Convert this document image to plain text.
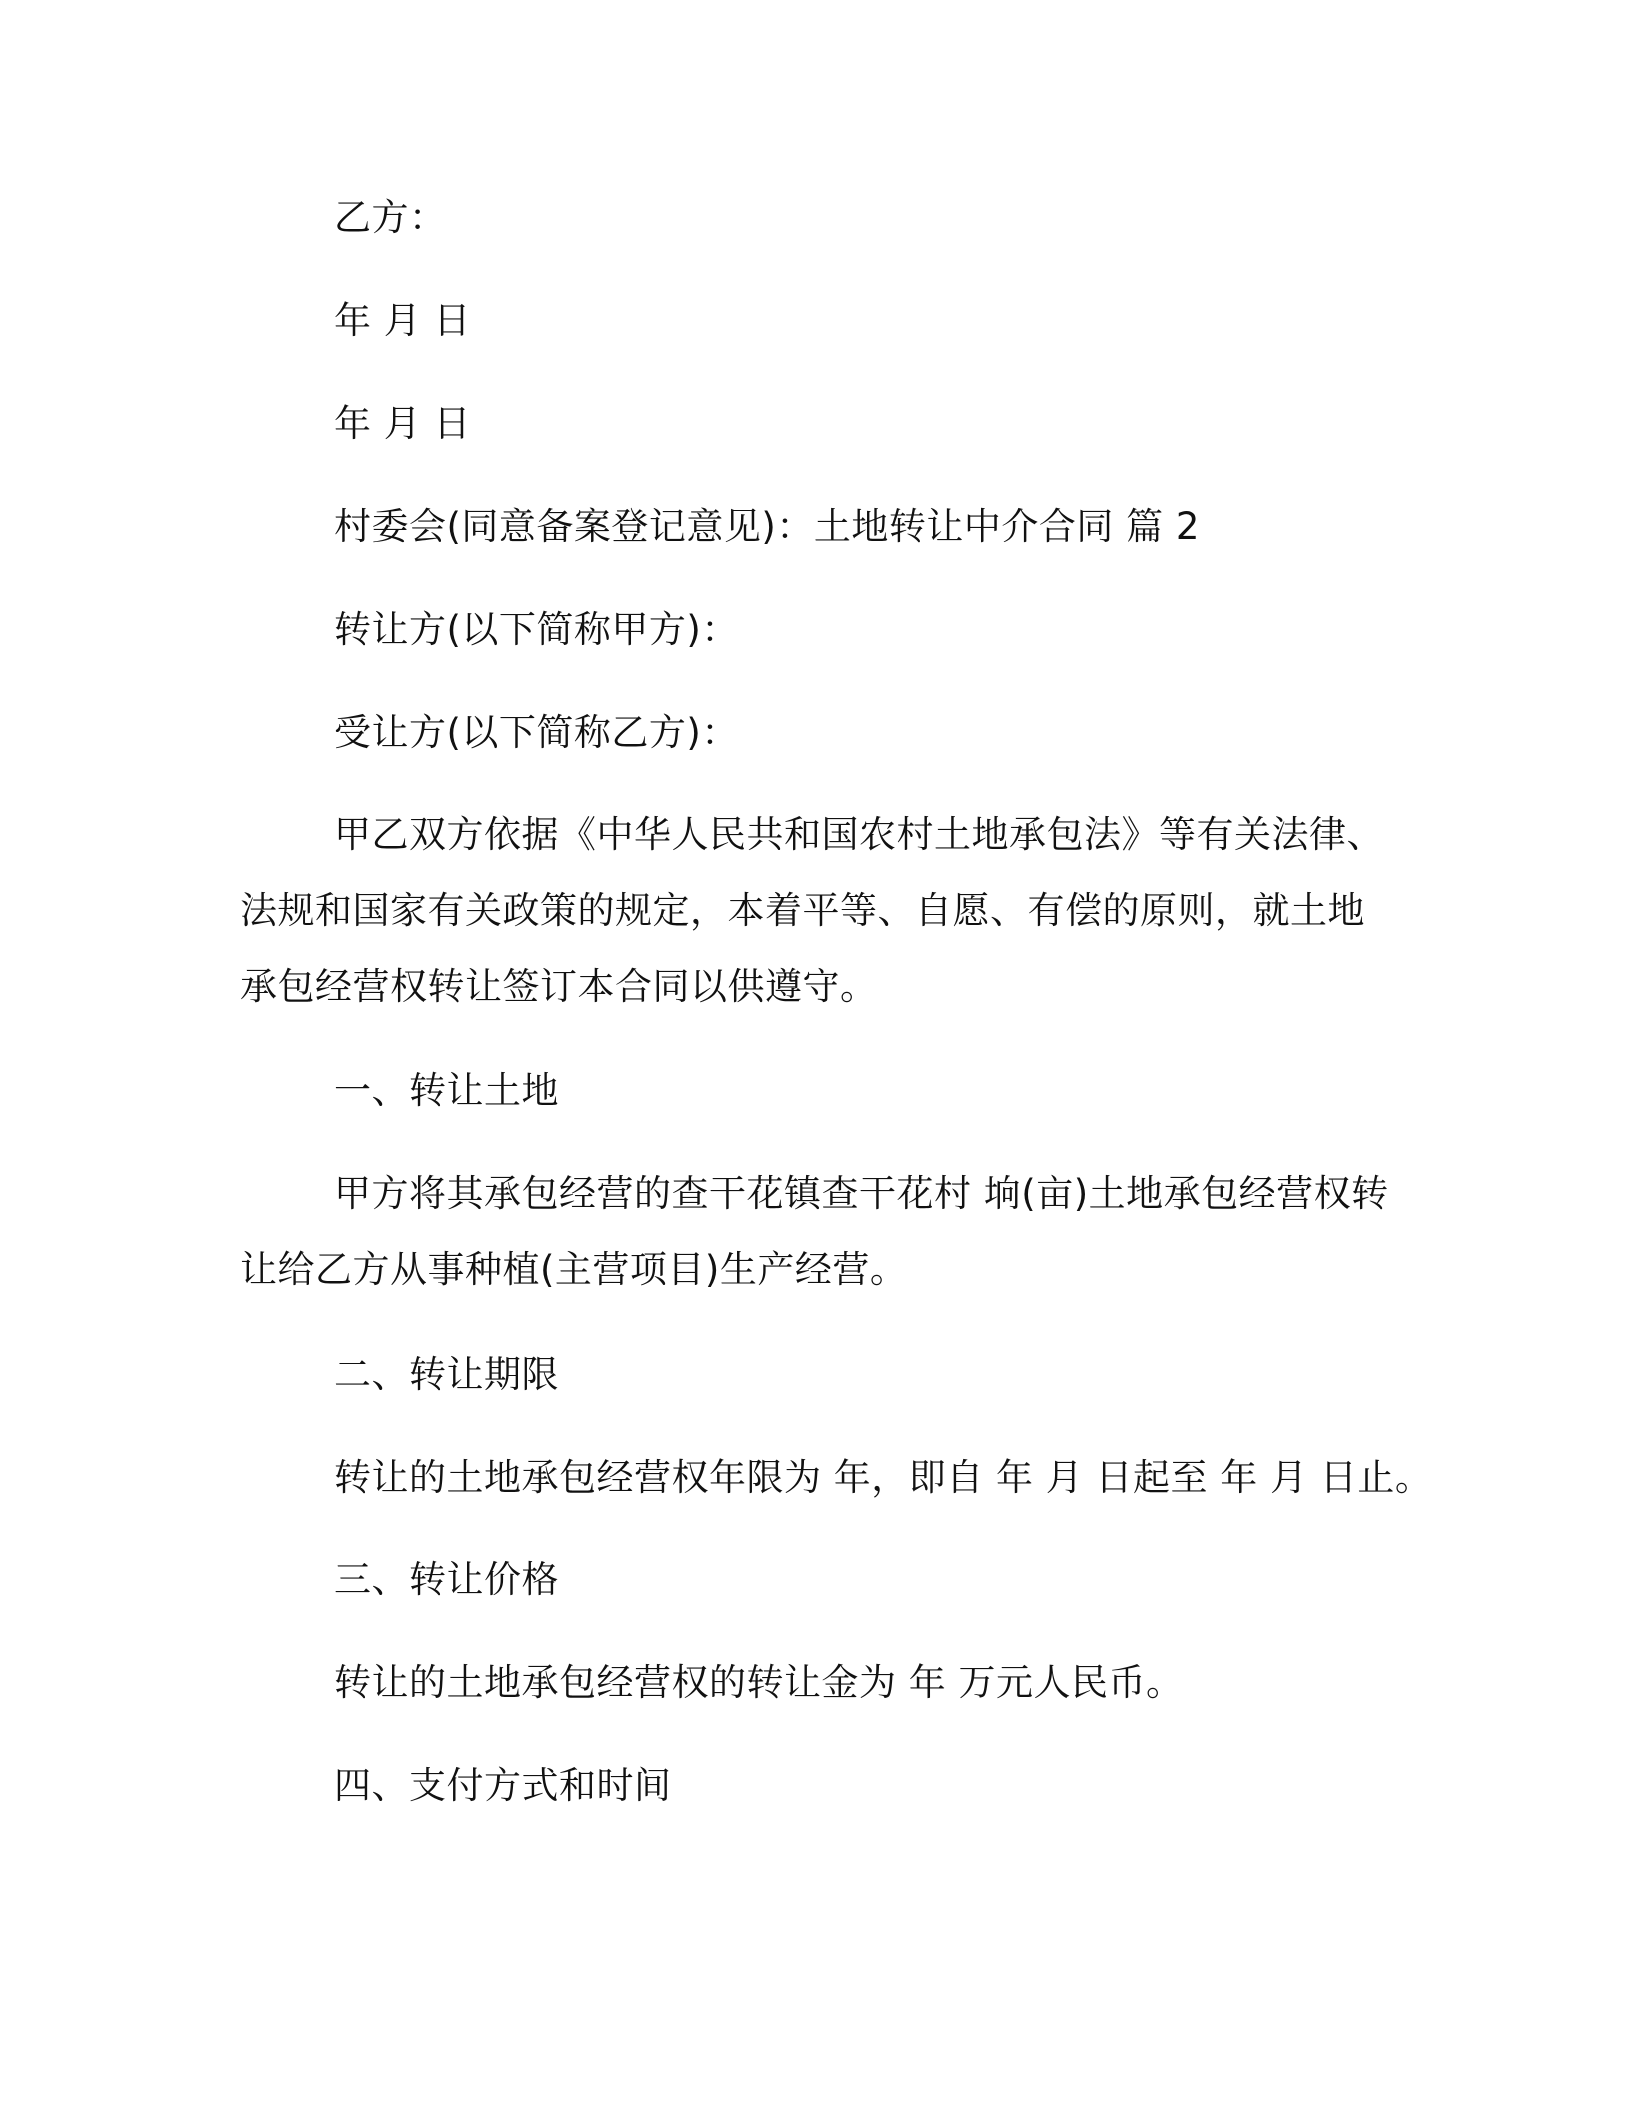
乙方：

年 月 日

年 月 日

村委会(同意备案登记意见)：土地转让中介合同 篇 2

转让方(以下简称甲方)：

受让方(以下简称乙方)：

甲乙双方依据《中华人民共和国农村土地承包法》等有关法律、

法规和国家有关政策的规定，本着平等、自愿、有偿的原则，就土地

承包经营权转让签订本合同以供遵守。

一、转让土地

甲方将其承包经营的查干花镇查干花村 垧(亩)土地承包经营权转

让给乙方从事种植(主营项目)生产经营。

二、转让期限

转让的土地承包经营权年限为 年，即自 年 月 日起至 年 月 日止。

三、转让价格

转让的土地承包经营权的转让金为 年 万元人民币。

四、支付方式和时间
